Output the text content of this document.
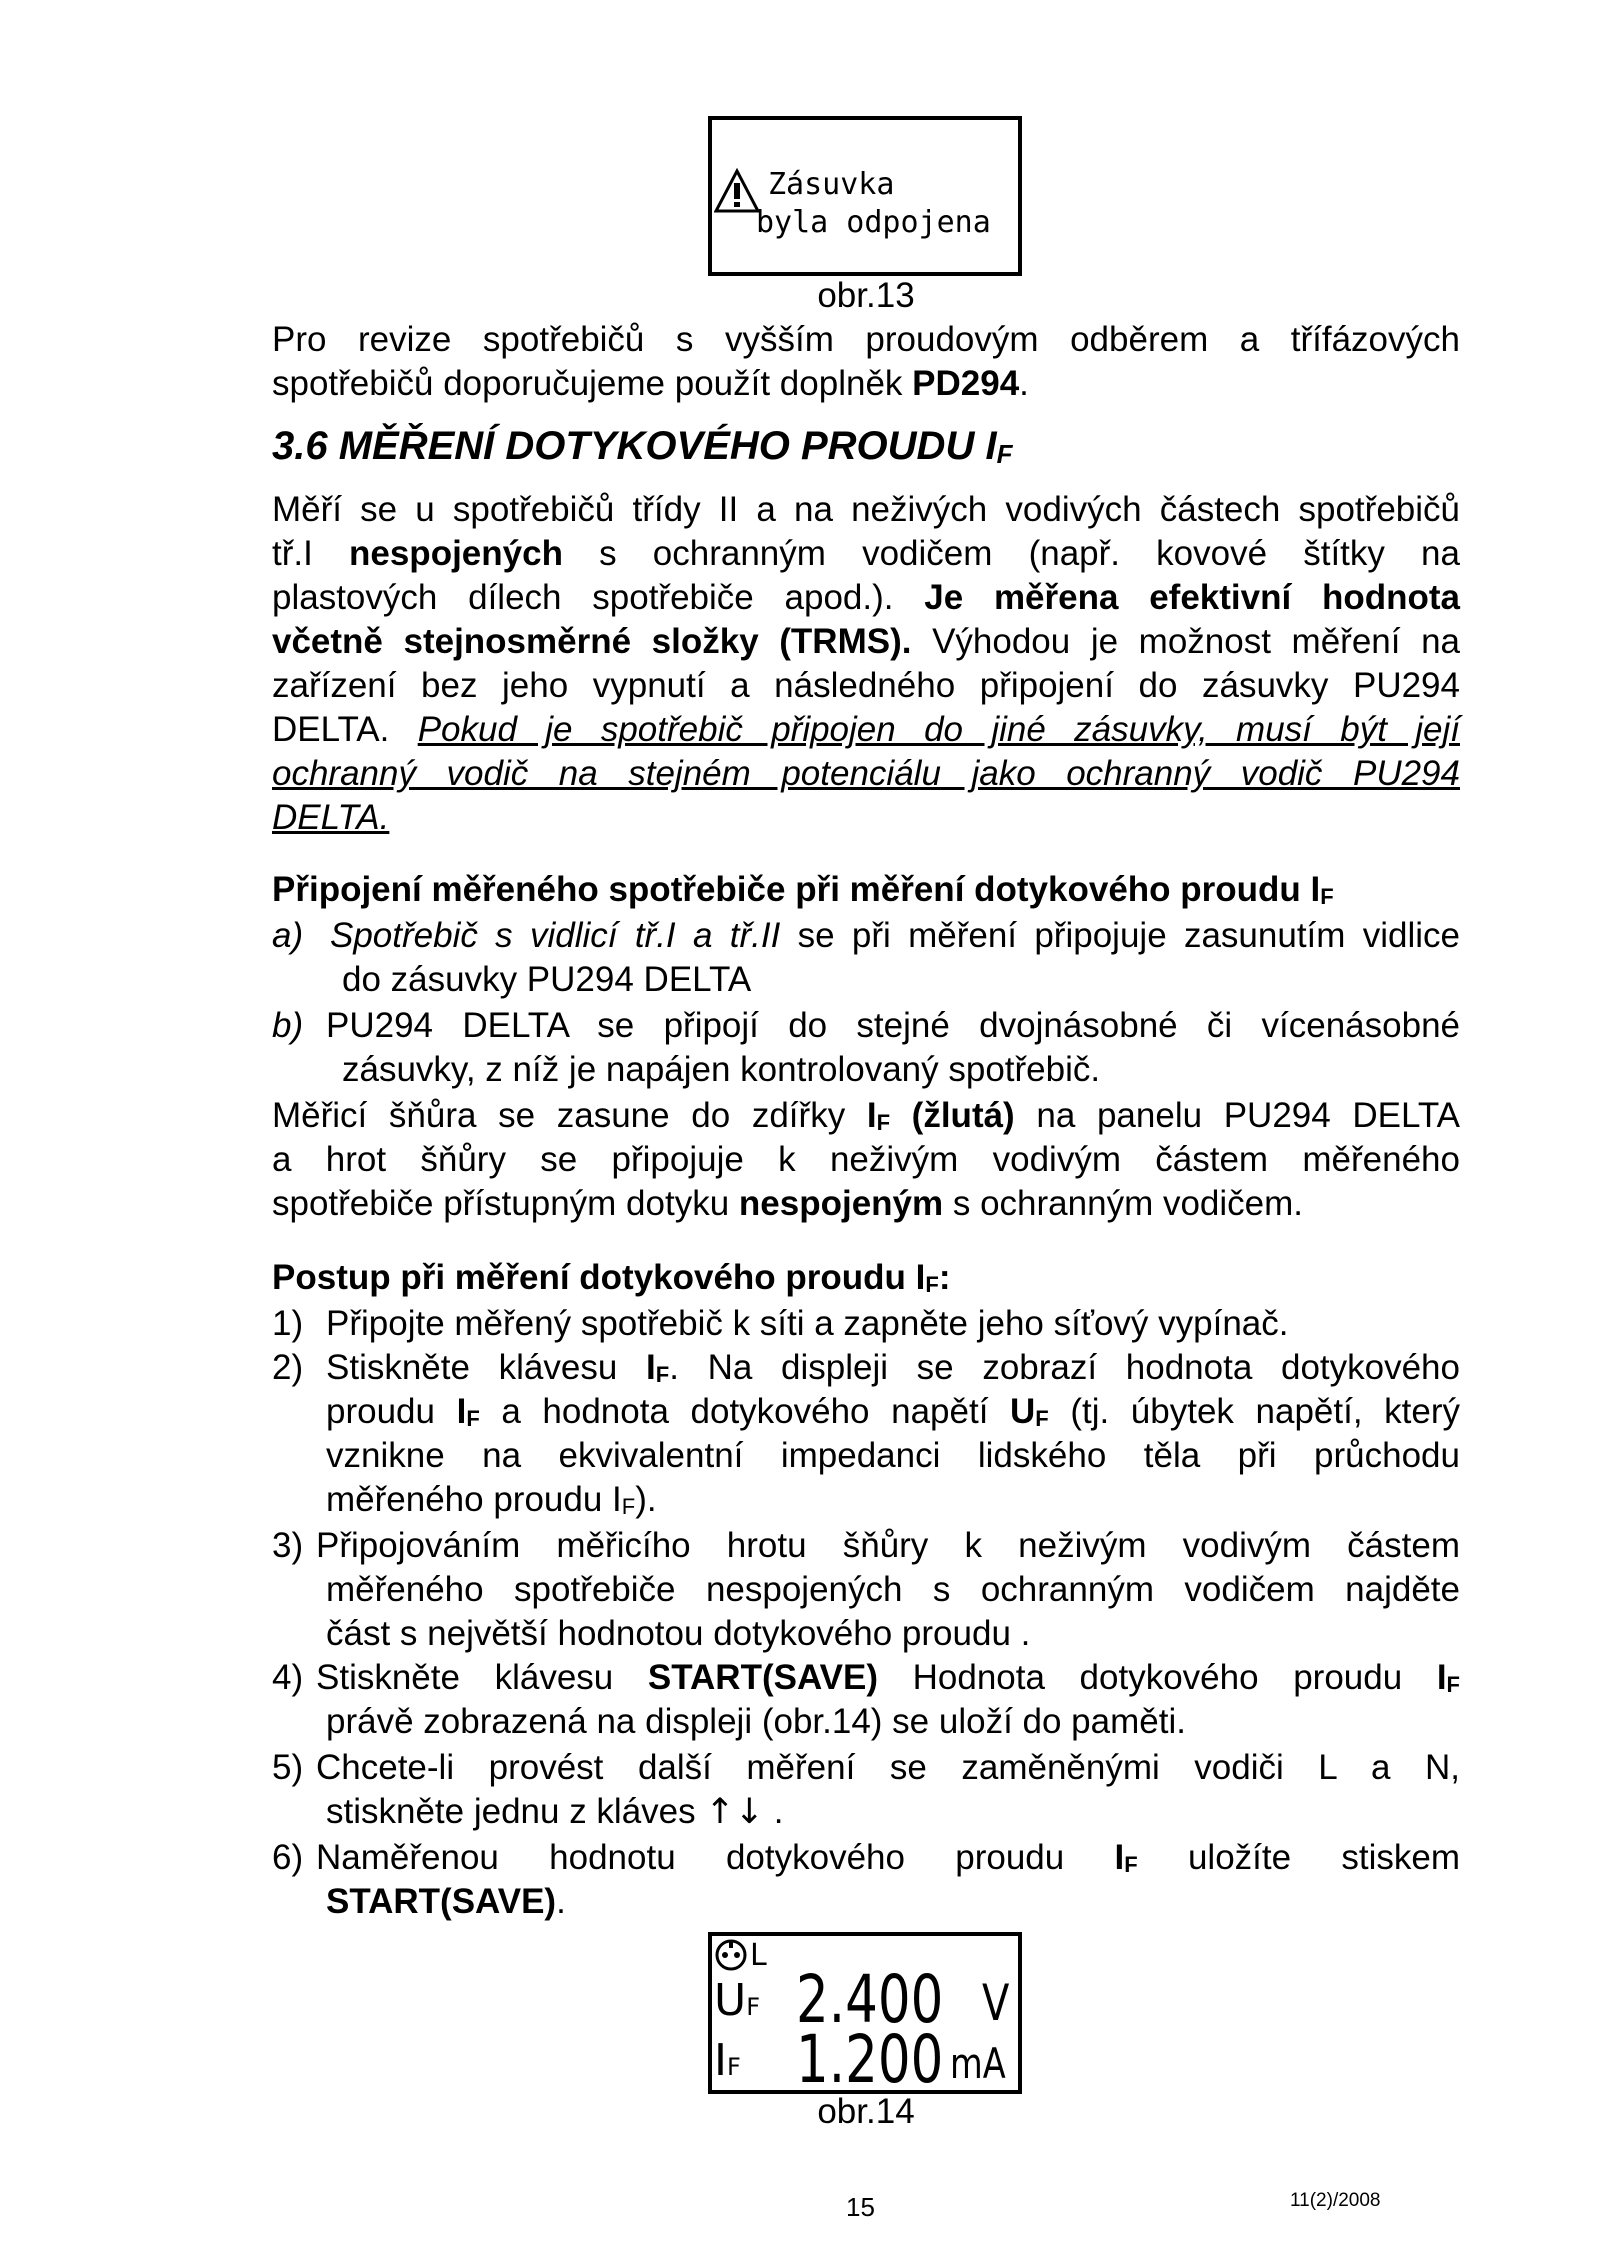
Zásuvka
byla odpojena
obr.13
Pro revize spotřebičů s vyšším proudovým odběrem a třífázových
spotřebičů doporučujeme použít doplněk PD294.
3.6 MĚŘENÍ DOTYKOVÉHO PROUDU $I_F$
Měří se u spotřebičů třídy II a na neživých vodivých částech spotřebičů
tř.I nespojených s ochranným vodičem (např. kovové štítky na
plastových dílech spotřebiče apod.). Je měřena efektivní hodnota
včetně stejnosměrné složky (TRMS). Výhodou je možnost měření na
zařízení bez jeho vypnutí a následného připojení do zásuvky PU294
DELTA. Pokud je spotřebič připojen do jiné zásuvky, musí být její
ochranný vodič na stejném potenciálu jako ochranný vodič PU294
DELTA.
Připojení měřeného spotřebiče při měření dotykového proudu $I_F$
a) Spotřebič s vidlicí tř.I a tř.II se při měření připojuje zasunutím vidlice
do zásuvky PU294 DELTA
b) PU294 DELTA se připojí do stejné dvojnásobné či vícenásobné
zásuvky, z níž je napájen kontrolovaný spotřebič.
Měřicí šňůra se zasune do zdířky $I_F$ (žlutá) na panelu PU294 DELTA
a hrot šňůry se připojuje k neživým vodivým částem měřeného
spotřebiče přístupným dotyku nespojeným s ochranným vodičem.
Postup při měření dotykového proudu $I_F$:
1) Připojte měřený spotřebič k síti a zapněte jeho síťový vypínač.
2) Stiskněte klávesu $I_F$. Na displeji se zobrazí hodnota dotykového
proudu $I_F$ a hodnota dotykového napětí $U_F$ (tj. úbytek napětí, který
vznikne na ekvivalentní impedanci lidského těla při průchodu
měřeného proudu $I_F$).
3) Připojováním měřicího hrotu šňůry k neživým vodivým částem
měřeného spotřebiče nespojených s ochranným vodičem najděte
část s největší hodnotou dotykového proudu .
4) Stiskněte klávesu START(SAVE) Hodnota dotykového proudu $I_F$
právě zobrazená na displeji (obr.14) se uloží do paměti.
5) Chcete-li provést další měření se zaměněnými vodiči L a N,
stiskněte jednu z kláves ↑↓ .
6) Naměřenou hodnotu dotykového proudu $I_F$ uložíte stiskem
START(SAVE).
L
UF 2.400 V
IF 1.200 mA
obr.14
15	11(2)/2008
